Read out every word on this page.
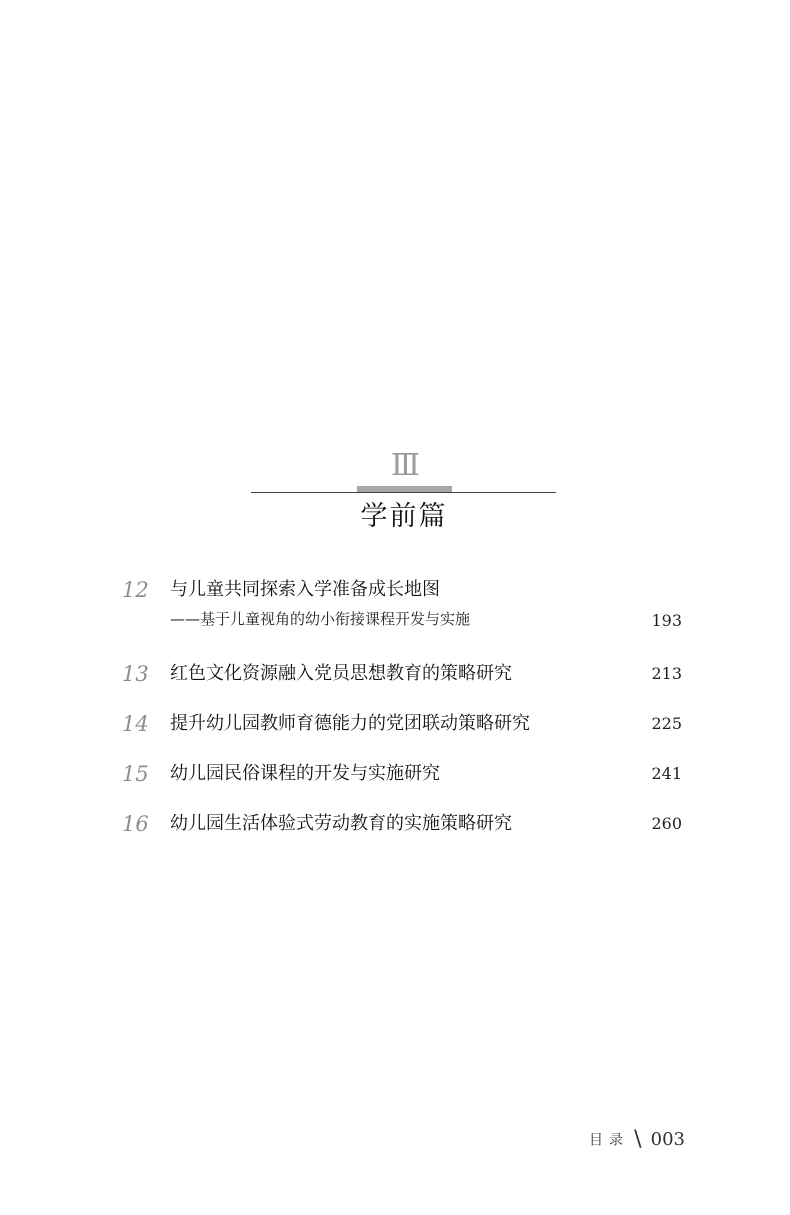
Ⅲ
学前篇
12	与儿童共同探索入学准备成长地图
——基于儿童视角的幼小衔接课程开发与实施	193
13	红色文化资源融入党员思想教育的策略研究	213
14	提升幼儿园教师育德能力的党团联动策略研究	225
15	幼儿园民俗课程的开发与实施研究	241
16	幼儿园生活体验式劳动教育的实施策略研究	260
目录 \ 003
